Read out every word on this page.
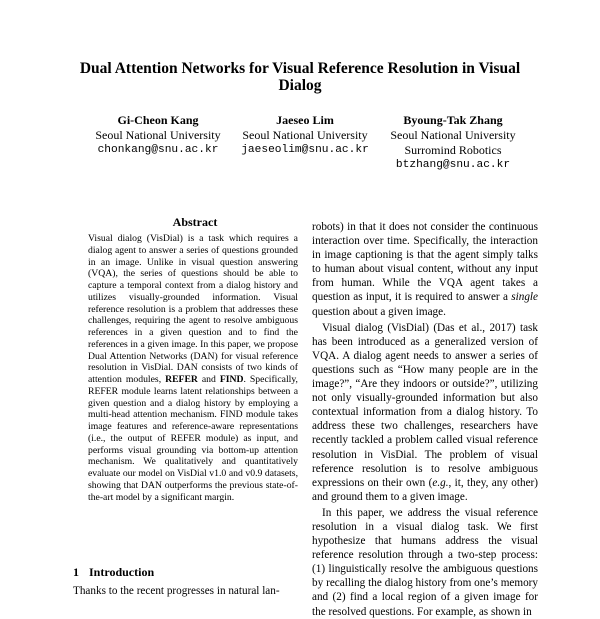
Dual Attention Networks for Visual Reference Resolution in Visual Dialog
Gi-Cheon Kang
Seoul National University
chonkang@snu.ac.kr
Jaeseo Lim
Seoul National University
jaeseolim@snu.ac.kr
Byoung-Tak Zhang
Seoul National University
Surromind Robotics
btzhang@snu.ac.kr
Abstract
Visual dialog (VisDial) is a task which requires a dialog agent to answer a series of questions grounded in an image. Unlike in visual question answering (VQA), the series of questions should be able to capture a temporal context from a dialog history and utilizes visually-grounded information. Visual reference resolution is a problem that addresses these challenges, requiring the agent to resolve ambiguous references in a given question and to find the references in a given image. In this paper, we propose Dual Attention Networks (DAN) for visual reference resolution in VisDial. DAN consists of two kinds of attention modules, REFER and FIND. Specifically, REFER module learns latent relationships between a given question and a dialog history by employing a multi-head attention mechanism. FIND module takes image features and reference-aware representations (i.e., the output of REFER module) as input, and performs visual grounding via bottom-up attention mechanism. We qualitatively and quantitatively evaluate our model on VisDial v1.0 and v0.9 datasets, showing that DAN outperforms the previous state-of-the-art model by a significant margin.
1 Introduction
Thanks to the recent progresses in natural lan-

robots) in that it does not consider the continuous interaction over time. Specifically, the interaction in image captioning is that the agent simply talks to human about visual content, without any input from human. While the VQA agent takes a question as input, it is required to answer a single question about a given image.

Visual dialog (VisDial) (Das et al., 2017) task has been introduced as a generalized version of VQA. A dialog agent needs to answer a series of questions such as “How many people are in the image?”, “Are they indoors or outside?”, utilizing not only visually-grounded information but also contextual information from a dialog history. To address these two challenges, researchers have recently tackled a problem called visual reference resolution in VisDial. The problem of visual reference resolution is to resolve ambiguous expressions on their own (e.g., it, they, any other) and ground them to a given image.

In this paper, we address the visual reference resolution in a visual dialog task. We first hypothesize that humans address the visual reference resolution through a two-step process: (1) linguistically resolve the ambiguous questions by recalling the dialog history from one’s memory and (2) find a local region of a given image for the resolved questions. For example, as shown in
